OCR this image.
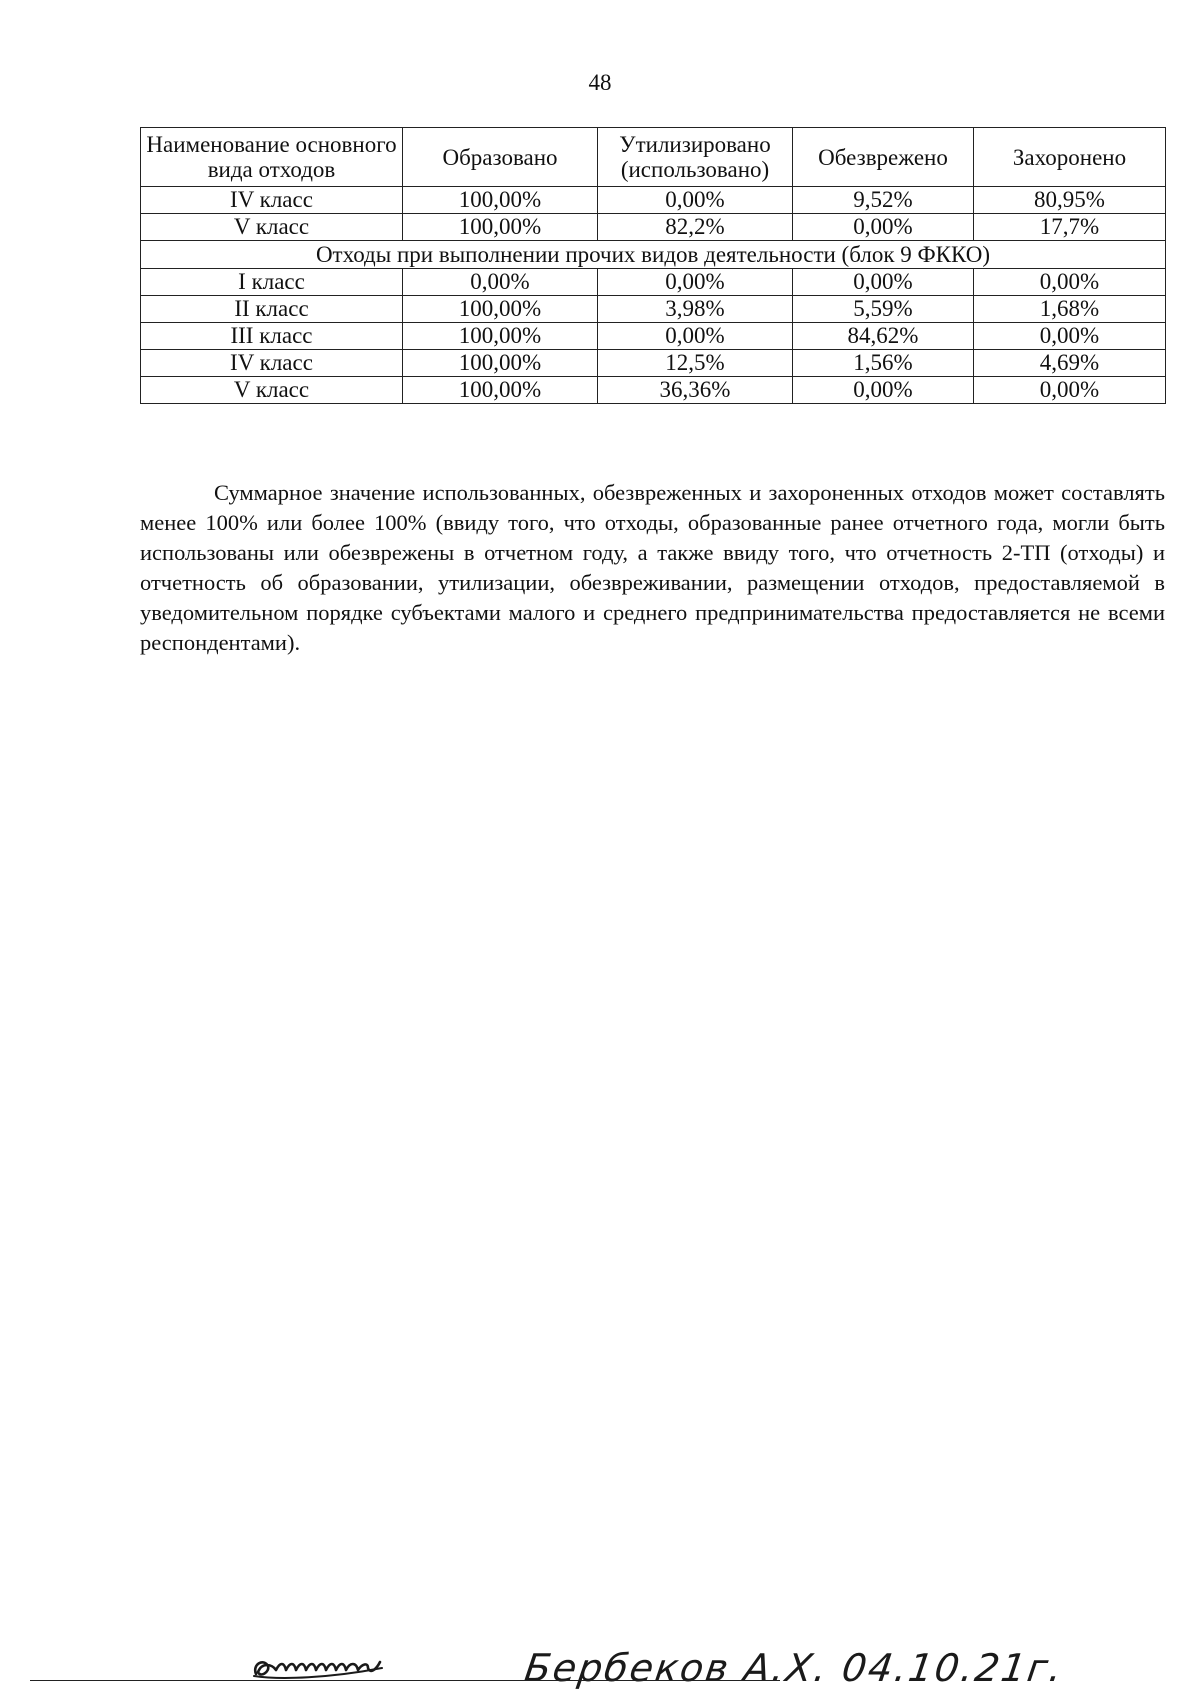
48
Наименование основного вида отходов	Образовано	Утилизировано (использовано)	Обезврежено	Захоронено
IV класс	100,00%	0,00%	9,52%	80,95%
V класс	100,00%	82,2%	0,00%	17,7%
Отходы при выполнении прочих видов деятельности (блок 9 ФККО)				
I класс	0,00%	0,00%	0,00%	0,00%
II класс	100,00%	3,98%	5,59%	1,68%
III класс	100,00%	0,00%	84,62%	0,00%
IV класс	100,00%	12,5%	1,56%	4,69%
V класс	100,00%	36,36%	0,00%	0,00%

Суммарное значение использованных, обезвреженных и захороненных отходов может составлять менее 100% или более 100% (ввиду того, что отходы, образованные ранее отчетного года, могли быть использованы или обезврежены в отчетном году, а также ввиду того, что отчетность 2-ТП (отходы) и отчетность об образовании, утилизации, обезвреживании, размещении отходов, предоставляемой в уведомительном порядке субъектами малого и среднего предпринимательства предоставляется не всеми респондентами).

Бербеков А.Х. 04.10.21г.
